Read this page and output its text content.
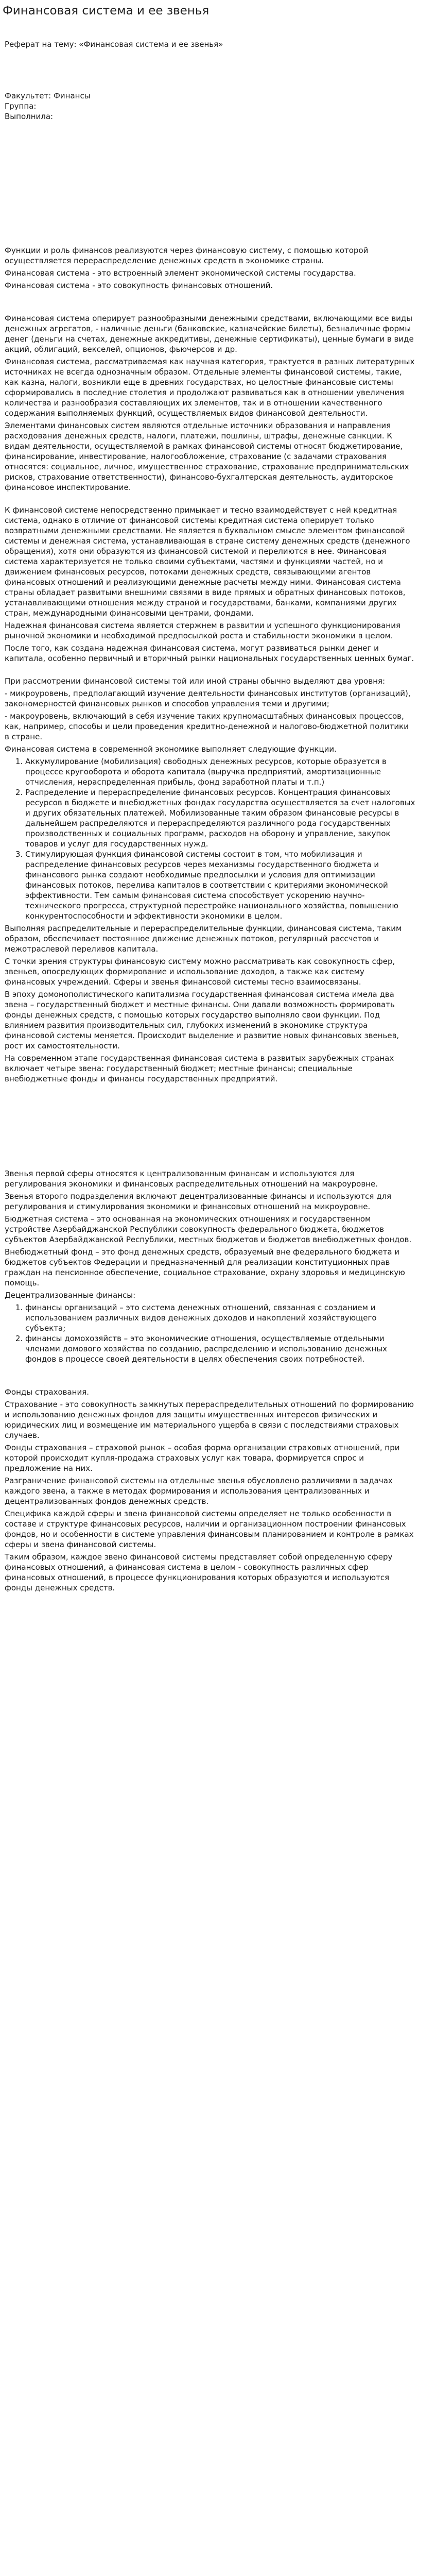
Финансовая система и ее звенья
Реферат на тему: «Финансовая система и ее звенья»
Факультет: Финансы
Группа:
Выполнила:

Функции и роль финансов реализуются через финансовую систему, с помощью которой осуществляется перераспределение денежных средств в экономике страны.

Финансовая система - это встроенный элемент экономической системы государства.

Финансовая система - это совокупность финансовых отношений.

Финансовая система оперирует разнообразными денежными средствами, включающими все виды денежных агрегатов, - наличные деньги (банковские, казначейские билеты), безналичные формы денег (деньги на счетах, денежные аккредитивы, денежные сертификаты), ценные бумаги в виде акций, облигаций, векселей, опционов, фьючерсов и др.

Финансовая система, рассматриваемая как научная категория, трактуется в разных литературных источниках не всегда однозначным образом. Отдельные элементы финансовой системы, такие, как казна, налоги, возникли еще в древних государствах, но целостные финансовые системы сформировались в последние столетия и продолжают развиваться как в отношении увеличения количества и разнообразия составляющих их элементов, так и в отношении качественного содержания выполняемых функций, осуществляемых видов финансовой деятельности.

Элементами финансовых систем являются отдельные источники образования и направления расходования денежных средств, налоги, платежи, пошлины, штрафы, денежные санкции. К видам деятельности, осуществляемой в рамках финансовой системы относят бюджетирование, финансирование, инвестирование, налогообложение, страхование (с задачами страхования относятся: социальное, личное, имущественное страхование, страхование предпринимательских рисков, страхование ответственности), финансово-бухгалтерская деятельность, аудиторское финансовое инспектирование.

К финансовой системе непосредственно примыкает и тесно взаимодействует с ней кредитная система, однако в отличие от финансовой системы кредитная система оперирует только возвратными денежными средствами. Не является в буквальном смысле элементом финансовой системы и денежная система, устанавливающая в стране систему денежных средств (денежного обращения), хотя они образуются из финансовой системой и перелиются в нее. Финансовая система характеризуется не только своими субъектами, частями и функциями частей, но и движением финансовых ресурсов, потоками денежных средств, связывающими агентов финансовых отношений и реализующими денежные расчеты между ними. Финансовая система страны обладает развитыми внешними связями в виде прямых и обратных финансовых потоков, устанавливающими отношения между страной и государствами, банками, компаниями других стран, международными финансовыми центрами, фондами.

Надежная финансовая система является стержнем в развитии и успешного функционирования рыночной экономики и необходимой предпосылкой роста и стабильности экономики в целом.

После того, как создана надежная финансовая система, могут развиваться рынки денег и капитала, особенно первичный и вторичный рынки национальных государственных ценных бумаг.

При рассмотрении финансовой системы той или иной страны обычно выделяют два уровня:

- микроуровень, предполагающий изучение деятельности финансовых институтов (организаций), закономерностей финансовых рынков и способов управления теми и другими;

- макроуровень, включающий в себя изучение таких крупномасштабных финансовых процессов, как, например, способы и цели проведения кредитно-денежной и налогово-бюджетной политики в стране.

Финансовая система в современной экономике выполняет следующие функции.

1. Аккумулирование (мобилизация) свободных денежных ресурсов, которые образуется в процессе кругооборота и оборота капитала (выручка предприятий, амортизационные отчисления, нераспределенная прибыль, фонд заработной платы и т.п.)
2. Распределение и перераспределение финансовых ресурсов. Концентрация финансовых ресурсов в бюджете и внебюджетных фондах государства осуществляется за счет налоговых и других обязательных платежей. Мобилизованные таким образом финансовые ресурсы в дальнейшем распределяются и перераспределяются различного рода государственных производственных и социальных программ, расходов на оборону и управление, закупок товаров и услуг для государственных нужд.
3. Стимулирующая функция финансовой системы состоит в том, что мобилизация и распределение финансовых ресурсов через механизмы государственного бюджета и финансового рынка создают необходимые предпосылки и условия для оптимизации финансовых потоков, перелива капиталов в соответствии с критериями экономической эффективности. Тем самым финансовая система способствует ускорению научно-технического прогресса, структурной перестройке национального хозяйства, повышению конкурентоспособности и эффективности экономики в целом.

Выполняя распределительные и перераспределительные функции, финансовая система, таким образом, обеспечивает постоянное движение денежных потоков, регулярный рассчетов и межотраслевой переливов капитала.

С точки зрения структуры финансовую систему можно рассматривать как совокупность сфер, звеньев, опосредующих формирование и использование доходов, а также как систему финансовых учреждений. Сферы и звенья финансовой системы тесно взаимосвязаны.

В эпоху домонополистического капитализма государственная финансовая система имела два звена – государственный бюджет и местные финансы. Они давали возможность формировать фонды денежных средств, с помощью которых государство выполняло свои функции. Под влиянием развития производительных сил, глубоких изменений в экономике структура финансовой системы меняется. Происходит выделение и развитие новых финансовых звеньев, рост их самостоятельности.

На современном этапе государственная финансовая система в развитых зарубежных странах включает четыре звена: государственный бюджет; местные финансы; специальные внебюджетные фонды и финансы государственных предприятий.

Звенья первой сферы относятся к централизованным финансам и используются для регулирования экономики и финансовых распределительных отношений на макроуровне.

Звенья второго подразделения включают децентрализованные финансы и используются для регулирования и стимулирования экономики и финансовых отношений на микроуровне.

Бюджетная система – это основанная на экономических отношениях и государственном устройстве Азербайджанской Республики совокупность федерального бюджета, бюджетов субъектов Азербайджанской Республики, местных бюджетов и бюджетов внебюджетных фондов.

Внебюджетный фонд – это фонд денежных средств, образуемый вне федерального бюджета и бюджетов субъектов Федерации и предназначенный для реализации конституционных прав граждан на пенсионное обеспечение, социальное страхование, охрану здоровья и медицинскую помощь.

Децентрализованные финансы:

1. финансы организаций – это система денежных отношений, связанная с созданием и использованием различных видов денежных доходов и накоплений хозяйствующего субъекта;
2. финансы домохозяйств – это экономические отношения, осуществляемые отдельными членами домового хозяйства по созданию, распределению и использованию денежных фондов в процессе своей деятельности в целях обеспечения своих потребностей.

Фонды страхования.

Страхование - это совокупность замкнутых перераспределительных отношений по формированию и использованию денежных фондов для защиты имущественных интересов физических и юридических лиц и возмещение им материального ущерба в связи с последствиями страховых случаев.

Фонды страхования – страховой рынок – особая форма организации страховых отношений, при которой происходит купля-продажа страховых услуг как товара, формируется спрос и предложение на них.

Разграничение финансовой системы на отдельные звенья обусловлено различиями в задачах каждого звена, а также в методах формирования и использования централизованных и децентрализованных фондов денежных средств.

Специфика каждой сферы и звена финансовой системы определяет не только особенности в составе и структуре финансовых ресурсов, наличии и организационном построении финансовых фондов, но и особенности в системе управления финансовым планированием и контроле в рамках сферы и звена финансовой системы.

Таким образом, каждое звено финансовой системы представляет собой определенную сферу финансовых отношений, а финансовая система в целом - совокупность различных сфер финансовых отношений, в процессе функционирования которых образуются и используются фонды денежных средств.
